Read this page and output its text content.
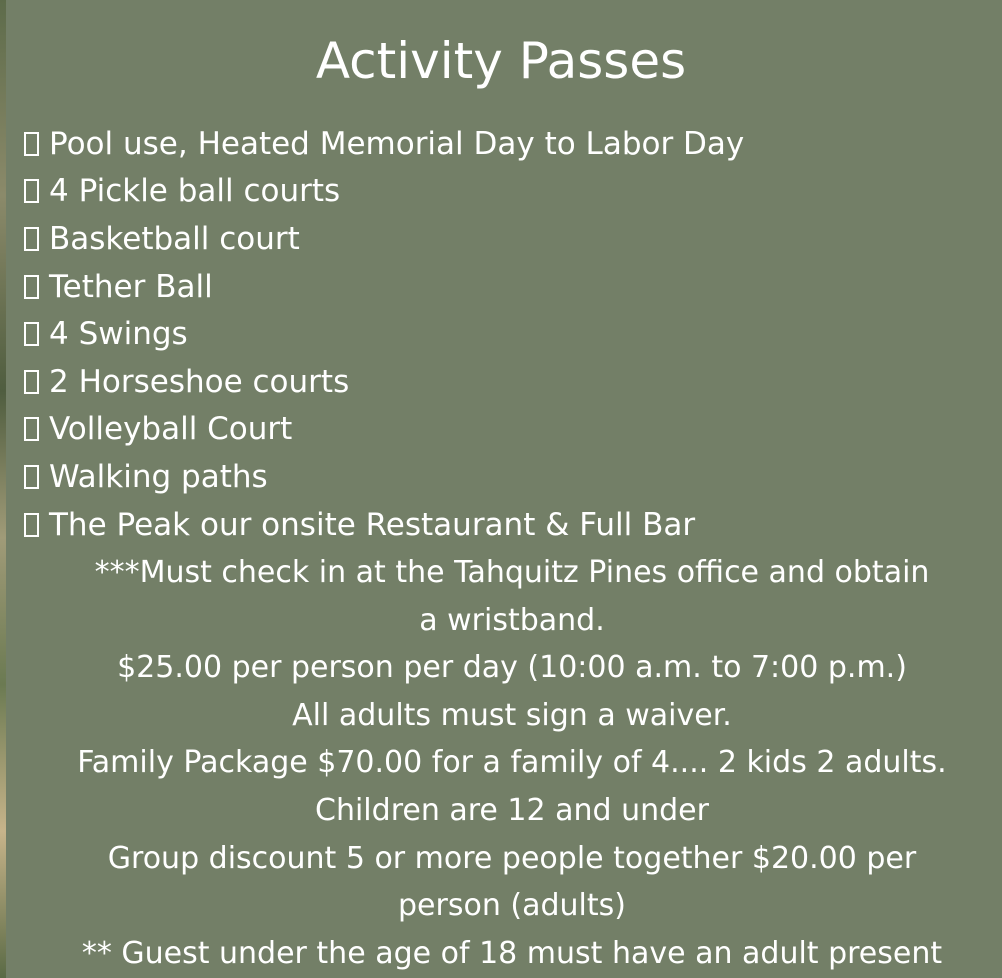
Activity Passes
Pool use, Heated Memorial Day to Labor Day
4 Pickle ball courts
Basketball court
Tether Ball
4 Swings
2 Horseshoe courts
Volleyball Court
Walking paths
The Peak our onsite Restaurant & Full Bar
***Must check in at the Tahquitz Pines office and obtain
a wristband.
$25.00 per person per day (10:00 a.m. to 7:00 p.m.)
All adults must sign a waiver.
Family Package $70.00 for a family of 4.... 2 kids 2 adults.
Children are 12 and under
Group discount 5 or more people together $20.00 per
person (adults)
** Guest under the age of 18 must have an adult present
